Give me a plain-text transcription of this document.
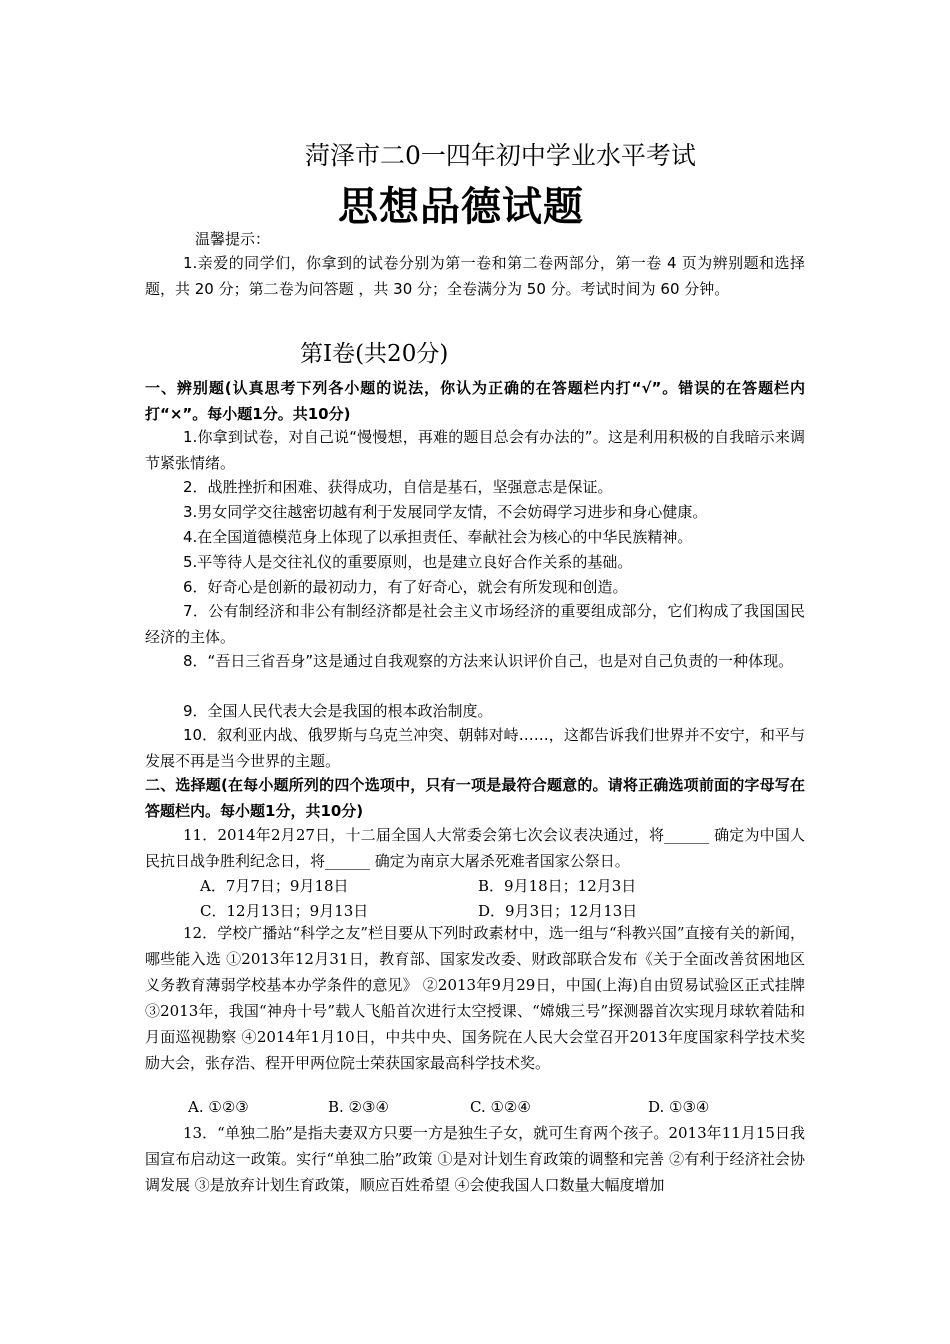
菏泽市二0一四年初中学业水平考试
思想品德试题
温馨提示：
1.亲爱的同学们，你拿到的试卷分别为第一卷和第二卷两部分，第一卷 4 页为辨别题和选择题，共 20 分；第二卷为问答题 ，共 30 分；全卷满分为 50 分。考试时间为 60 分钟。
第Ⅰ卷(共20分)
一、辨别题(认真思考下列各小题的说法，你认为正确的在答题栏内打“√”。错误的在答题栏内打“×”。每小题1分。共10分)
1.你拿到试卷，对自己说“慢慢想，再难的题目总会有办法的”。这是利用积极的自我暗示来调节紧张情绪。
2．战胜挫折和困难、获得成功，自信是基石，坚强意志是保证。
3.男女同学交往越密切越有利于发展同学友情，不会妨碍学习进步和身心健康。
4.在全国道德模范身上体现了以承担责任、奉献社会为核心的中华民族精神。
5.平等待人是交往礼仪的重要原则，也是建立良好合作关系的基础。
6．好奇心是创新的最初动力，有了好奇心，就会有所发现和创造。
7．公有制经济和非公有制经济都是社会主义市场经济的重要组成部分，它们构成了我国国民经济的主体。
8．“吾日三省吾身”这是通过自我观察的方法来认识评价自己，也是对自己负责的一种体现。
9．全国人民代表大会是我国的根本政治制度。
10．叙利亚内战、俄罗斯与乌克兰冲突、朝韩对峙……，这都告诉我们世界并不安宁，和平与发展不再是当今世界的主题。
二、选择题(在每小题所列的四个选项中，只有一项是最符合题意的。请将正确选项前面的字母写在答题栏内。每小题1分，共10分)
11．2014年2月27日，十二届全国人大常委会第七次会议表决通过，将______ 确定为中国人民抗日战争胜利纪念日，将______ 确定为南京大屠杀死难者国家公祭日。
A．7月7日；9月18日	B．9月18日；12月3日
C．12月13日；9月13日	D．9月3日；12月13日
12．学校广播站“科学之友”栏目要从下列时政素材中，选一组与“科教兴国”直接有关的新闻，哪些能入选 ①2013年12月31日，教育部、国家发改委、财政部联合发布《关于全面改善贫困地区义务教育薄弱学校基本办学条件的意见》 ②2013年9月29日，中国(上海)自由贸易试验区正式挂牌 ③2013年，我国“神舟十号”载人飞船首次进行太空授课、“嫦娥三号”探测器首次实现月球软着陆和月面巡视勘察 ④2014年1月10日，中共中央、国务院在人民大会堂召开2013年度国家科学技术奖励大会，张存浩、程开甲两位院士荣获国家最高科学技术奖。
A. ①②③	B. ②③④	C. ①②④	D. ①③④
13．“单独二胎”是指夫妻双方只要一方是独生子女，就可生育两个孩子。2013年11月15日我国宣布启动这一政策。实行“单独二胎”政策 ①是对计划生育政策的调整和完善 ②有利于经济社会协调发展 ③是放弃计划生育政策，顺应百姓希望 ④会使我国人口数量大幅度增加
